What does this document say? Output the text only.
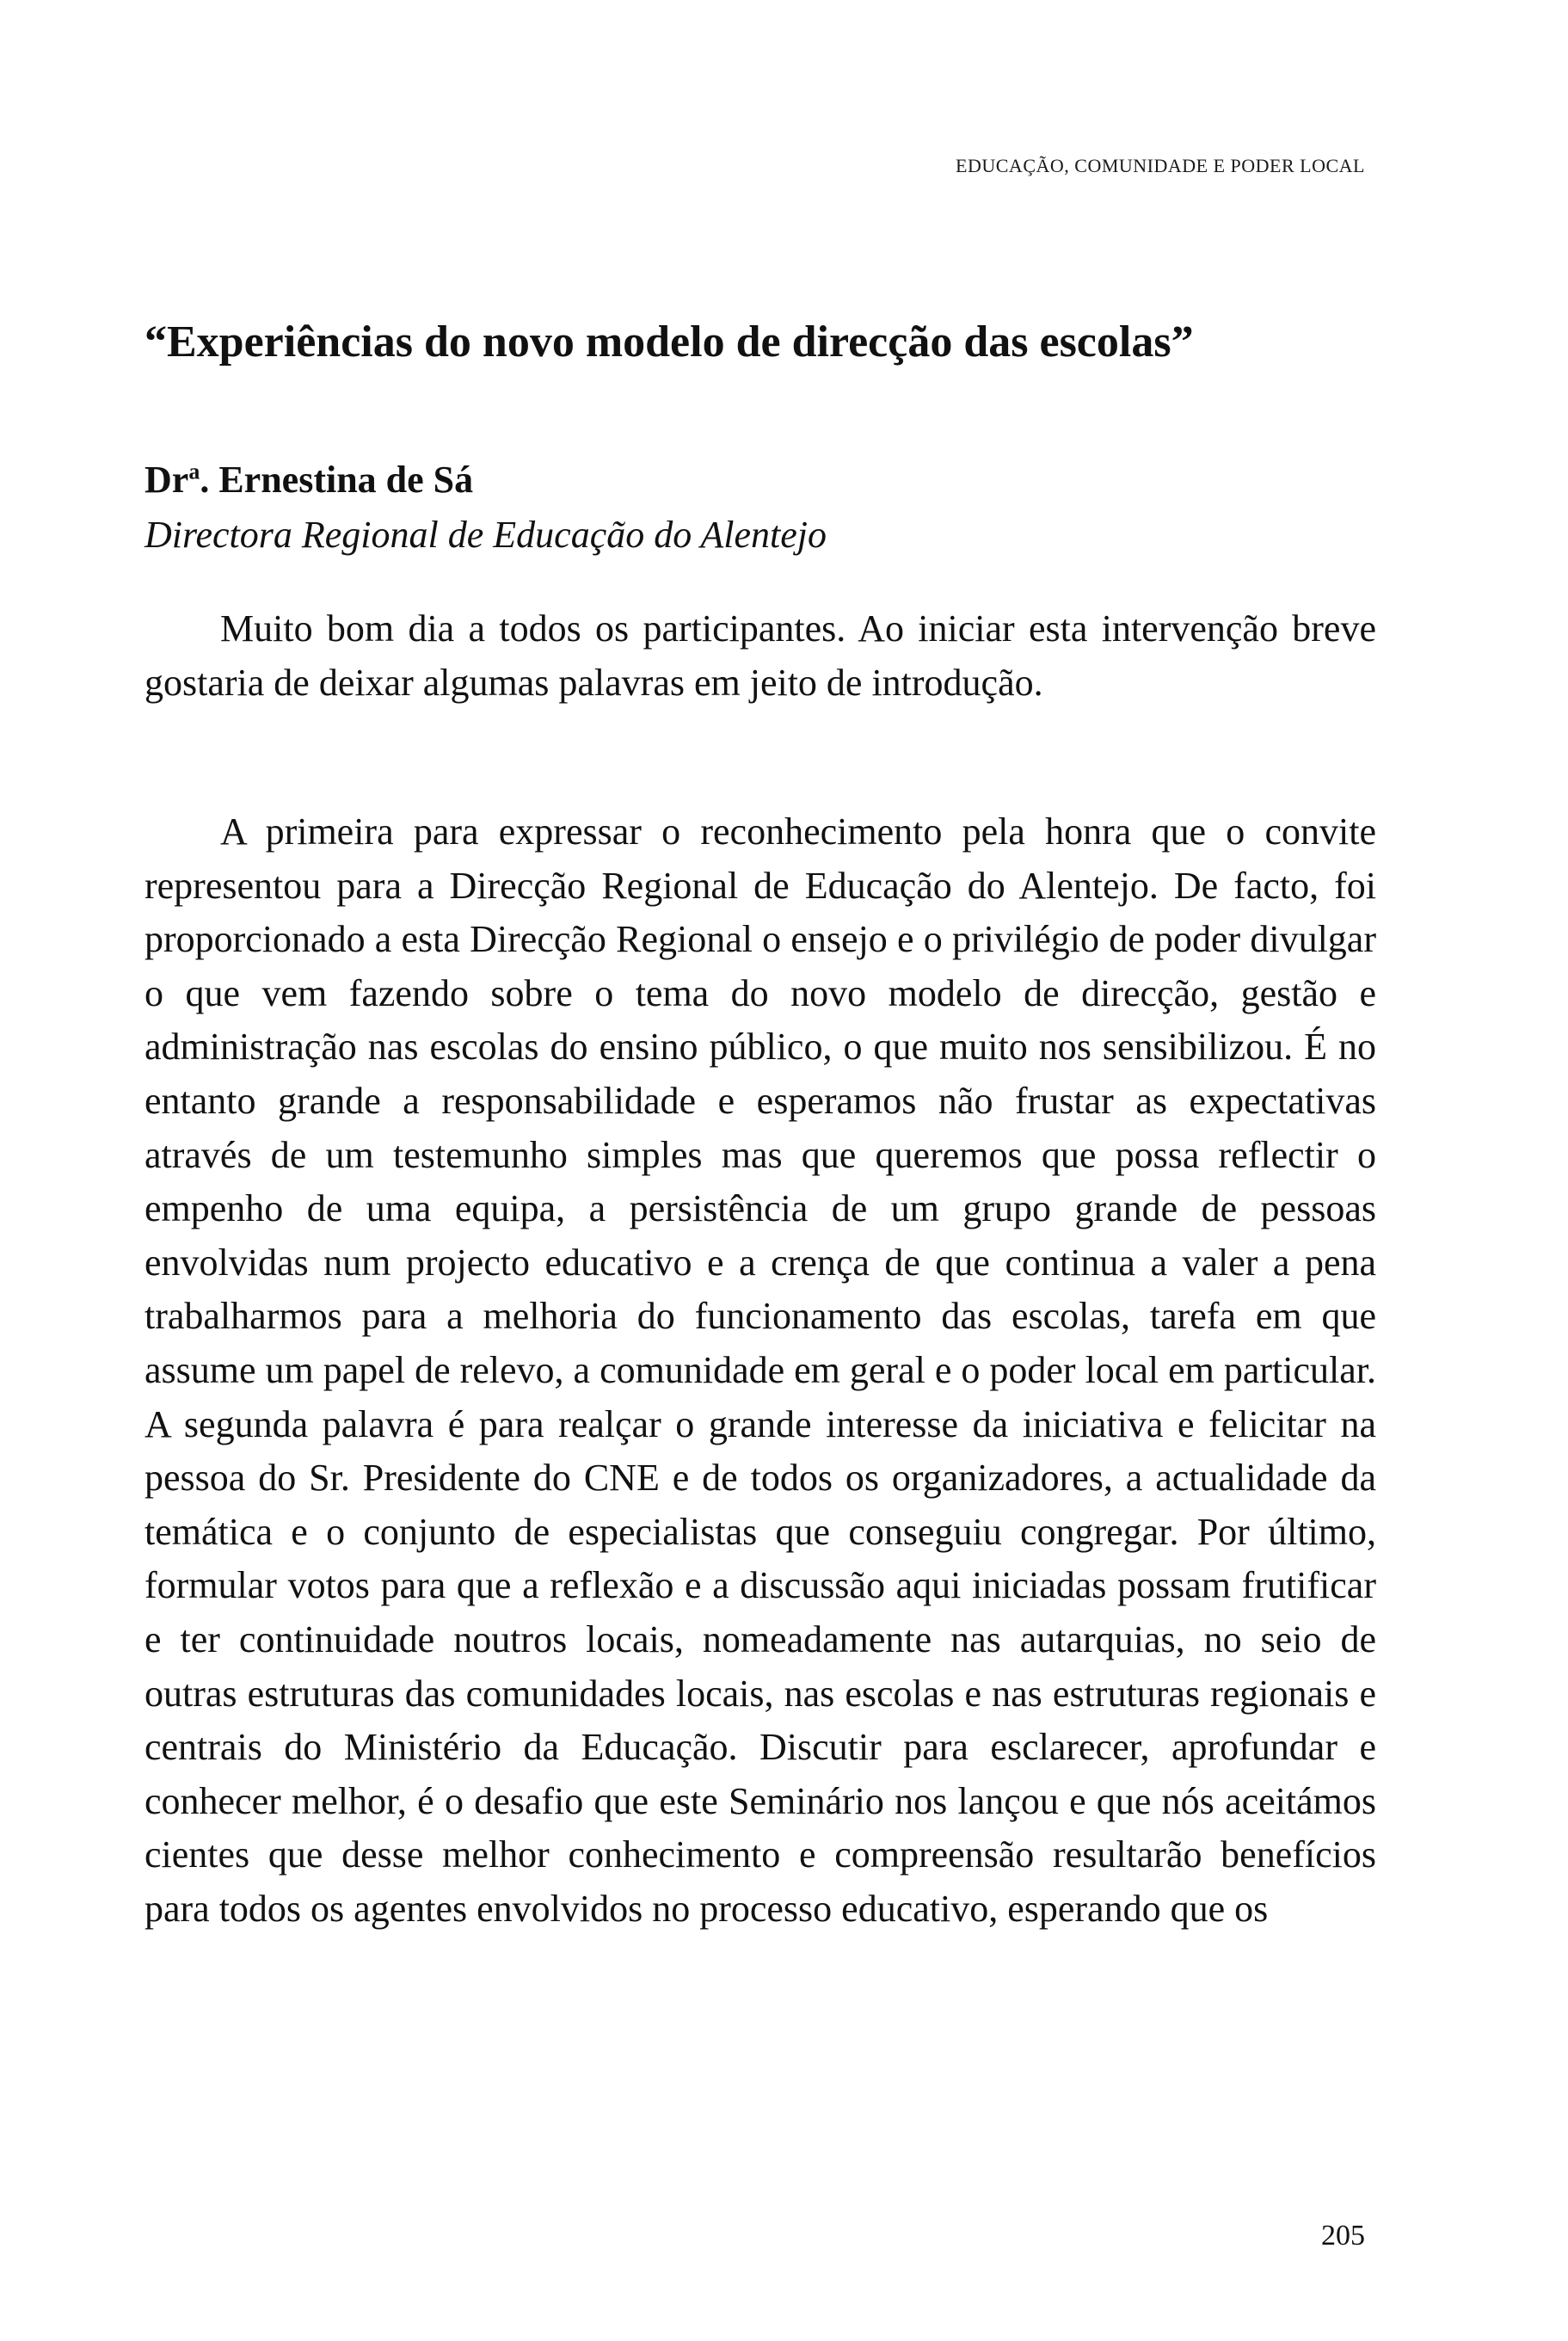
EDUCAÇÃO, COMUNIDADE E PODER LOCAL
“Experiências do novo modelo de direcção das escolas”
Dr$^a$. Ernestina de Sá
Directora Regional de Educação do Alentejo

Muito bom dia a todos os participantes. Ao iniciar esta intervenção breve gostaria de deixar algumas palavras em jeito de introdução.

A primeira para expressar o reconhecimento pela honra que o convite representou para a Direcção Regional de Educação do Alentejo. De facto, foi proporcionado a esta Direcção Regional o ensejo e o privilégio de poder divulgar o que vem fazendo sobre o tema do novo modelo de direcção, gestão e administração nas escolas do ensino público, o que muito nos sensibilizou. É no entanto grande a responsabilidade e esperamos não frustar as expectativas através de um testemunho simples mas que queremos que possa reflectir o empenho de uma equipa, a persistência de um grupo grande de pessoas envolvidas num projecto educativo e a crença de que continua a valer a pena trabalharmos para a melhoria do funcionamento das escolas, tarefa em que assume um papel de relevo, a comunidade em geral e o poder local em particular. A segunda palavra é para realçar o grande interesse da iniciativa e felicitar na pessoa do Sr. Presidente do CNE e de todos os organizadores, a actualidade da temática e o conjunto de especialistas que conseguiu congregar. Por último, formular votos para que a reflexão e a discussão aqui iniciadas possam frutificar e ter continuidade noutros locais, nomeadamente nas autarquias, no seio de outras estruturas das comunidades locais, nas escolas e nas estruturas regionais e centrais do Ministério da Educação. Discutir para esclarecer, aprofundar e conhecer melhor, é o desafio que este Seminário nos lançou e que nós aceitámos cientes que desse melhor conhecimento e compreensão resultarão benefícios para todos os agentes envolvidos no processo educativo, esperando que os

205
